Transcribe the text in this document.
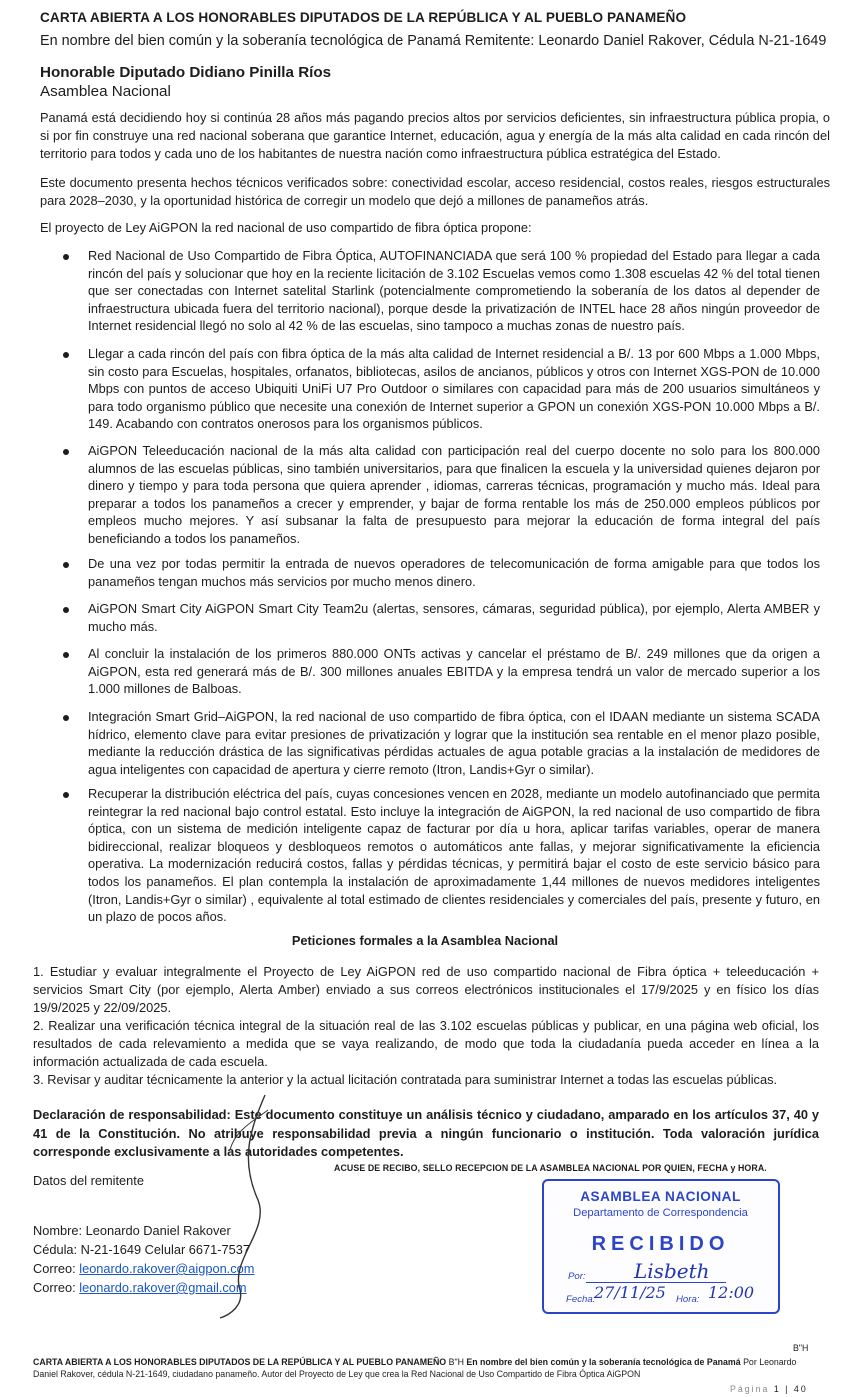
CARTA ABIERTA A LOS HONORABLES DIPUTADOS DE LA REPÚBLICA Y AL PUEBLO PANAMEÑO
En nombre del bien común y la soberanía tecnológica de Panamá Remitente: Leonardo Daniel Rakover, Cédula N-21-1649
Honorable Diputado Didiano Pinilla Ríos
Asamblea Nacional
Panamá está decidiendo hoy si continúa 28 años más pagando precios altos por servicios deficientes, sin infraestructura pública propia, o si por fin construye una red nacional soberana que garantice Internet, educación, agua y energía de la más alta calidad en cada rincón del territorio para todos y cada uno de los habitantes de nuestra nación como infraestructura pública estratégica del Estado.
Este documento presenta hechos técnicos verificados sobre: conectividad escolar, acceso residencial, costos reales, riesgos estructurales para 2028–2030, y la oportunidad histórica de corregir un modelo que dejó a millones de panameños atrás.
El proyecto de Ley AiGPON la red nacional de uso compartido de fibra óptica propone:
Red Nacional de Uso Compartido de Fibra Óptica, AUTOFINANCIADA que será 100 % propiedad del Estado para llegar a cada rincón del país y solucionar que hoy en la reciente licitación de 3.102 Escuelas vemos como 1.308 escuelas 42 % del total tienen que ser conectadas con Internet satelital Starlink (potencialmente comprometiendo la soberanía de los datos al depender de infraestructura ubicada fuera del territorio nacional), porque desde la privatización de INTEL hace 28 años ningún proveedor de Internet residencial llegó no solo al 42 % de las escuelas, sino tampoco a muchas zonas de nuestro país.
Llegar a cada rincón del país con fibra óptica de la más alta calidad de Internet residencial a B/. 13 por 600 Mbps a 1.000 Mbps, sin costo para Escuelas, hospitales, orfanatos, bibliotecas, asilos de ancianos, públicos y otros con Internet XGS-PON de 10.000 Mbps con puntos de acceso Ubiquiti UniFi U7 Pro Outdoor o similares con capacidad para más de 200 usuarios simultáneos y para todo organismo público que necesite una conexión de Internet superior a GPON un conexión XGS-PON 10.000 Mbps a B/. 149. Acabando con contratos onerosos para los organismos públicos.
AiGPON Teleeducación nacional de la más alta calidad con participación real del cuerpo docente no solo para los 800.000 alumnos de las escuelas públicas, sino también universitarios, para que finalicen la escuela y la universidad quienes dejaron por dinero y tiempo y para toda persona que quiera aprender , idiomas, carreras técnicas, programación y mucho más. Ideal para preparar a todos los panameños a crecer y emprender, y bajar de forma rentable los más de 250.000 empleos públicos por empleos mucho mejores. Y así subsanar la falta de presupuesto para mejorar la educación de forma integral del país beneficiando a todos los panameños.
De una vez por todas permitir la entrada de nuevos operadores de telecomunicación de forma amigable para que todos los panameños tengan muchos más servicios por mucho menos dinero.
AiGPON Smart City AiGPON Smart City Team2u (alertas, sensores, cámaras, seguridad pública), por ejemplo, Alerta AMBER y mucho más.
Al concluir la instalación de los primeros 880.000 ONTs activas y cancelar el préstamo de B/. 249 millones que da origen a AiGPON, esta red generará más de B/. 300 millones anuales EBITDA y la empresa tendrá un valor de mercado superior a los 1.000 millones de Balboas.
Integración Smart Grid–AiGPON, la red nacional de uso compartido de fibra óptica, con el IDAAN mediante un sistema SCADA hídrico, elemento clave para evitar presiones de privatización y lograr que la institución sea rentable en el menor plazo posible, mediante la reducción drástica de las significativas pérdidas actuales de agua potable gracias a la instalación de medidores de agua inteligentes con capacidad de apertura y cierre remoto (Itron, Landis+Gyr o similar).
Recuperar la distribución eléctrica del país, cuyas concesiones vencen en 2028, mediante un modelo autofinanciado que permita reintegrar la red nacional bajo control estatal. Esto incluye la integración de AiGPON, la red nacional de uso compartido de fibra óptica, con un sistema de medición inteligente capaz de facturar por día u hora, aplicar tarifas variables, operar de manera bidireccional, realizar bloqueos y desbloqueos remotos o automáticos ante fallas, y mejorar significativamente la eficiencia operativa. La modernización reducirá costos, fallas y pérdidas técnicas, y permitirá bajar el costo de este servicio básico para todos los panameños. El plan contempla la instalación de aproximadamente 1,44 millones de nuevos medidores inteligentes (Itron, Landis+Gyr o similar) , equivalente al total estimado de clientes residenciales y comerciales del país, presente y futuro, en un plazo de pocos años.
Peticiones formales a la Asamblea Nacional
1. Estudiar y evaluar integralmente el Proyecto de Ley AiGPON red de uso compartido nacional de Fibra óptica + teleeducación + servicios Smart City (por ejemplo, Alerta Amber) enviado a sus correos electrónicos institucionales el 17/9/2025 y en físico los días 19/9/2025 y 22/09/2025.
2. Realizar una verificación técnica integral de la situación real de las 3.102 escuelas públicas y publicar, en una página web oficial, los resultados de cada relevamiento a medida que se vaya realizando, de modo que toda la ciudadanía pueda acceder en línea a la información actualizada de cada escuela.
3. Revisar y auditar técnicamente la anterior y la actual licitación contratada para suministrar Internet a todas las escuelas públicas.
Declaración de responsabilidad: Este documento constituye un análisis técnico y ciudadano, amparado en los artículos 37, 40 y 41 de la Constitución. No atribuye responsabilidad previa a ningún funcionario o institución. Toda valoración jurídica corresponde exclusivamente a las autoridades competentes.
ACUSE DE RECIBO, SELLO RECEPCION DE LA ASAMBLEA NACIONAL POR QUIEN, FECHA y HORA.
Datos del remitente
Nombre: Leonardo Daniel Rakover
Cédula: N-21-1649 Celular 6671-7537
Correo: leonardo.rakover@aigpon.com
Correo: leonardo.rakover@gmail.com
ASAMBLEA NACIONAL
Departamento de Correspondencia
RECIBIDO
Por: Lisbeth
Fecha:
27/11/25 Hora: 12:00
B"H
CARTA ABIERTA A LOS HONORABLES DIPUTADOS DE LA REPÚBLICA Y AL PUEBLO PANAMEÑO B"H En nombre del bien común y la soberanía tecnológica de Panamá Por Leonardo Daniel Rakover, cédula N-21-1649, ciudadano panameño. Autor del Proyecto de Ley que crea la Red Nacional de Uso Compartido de Fibra Óptica AiGPON
Página 1 | 40
